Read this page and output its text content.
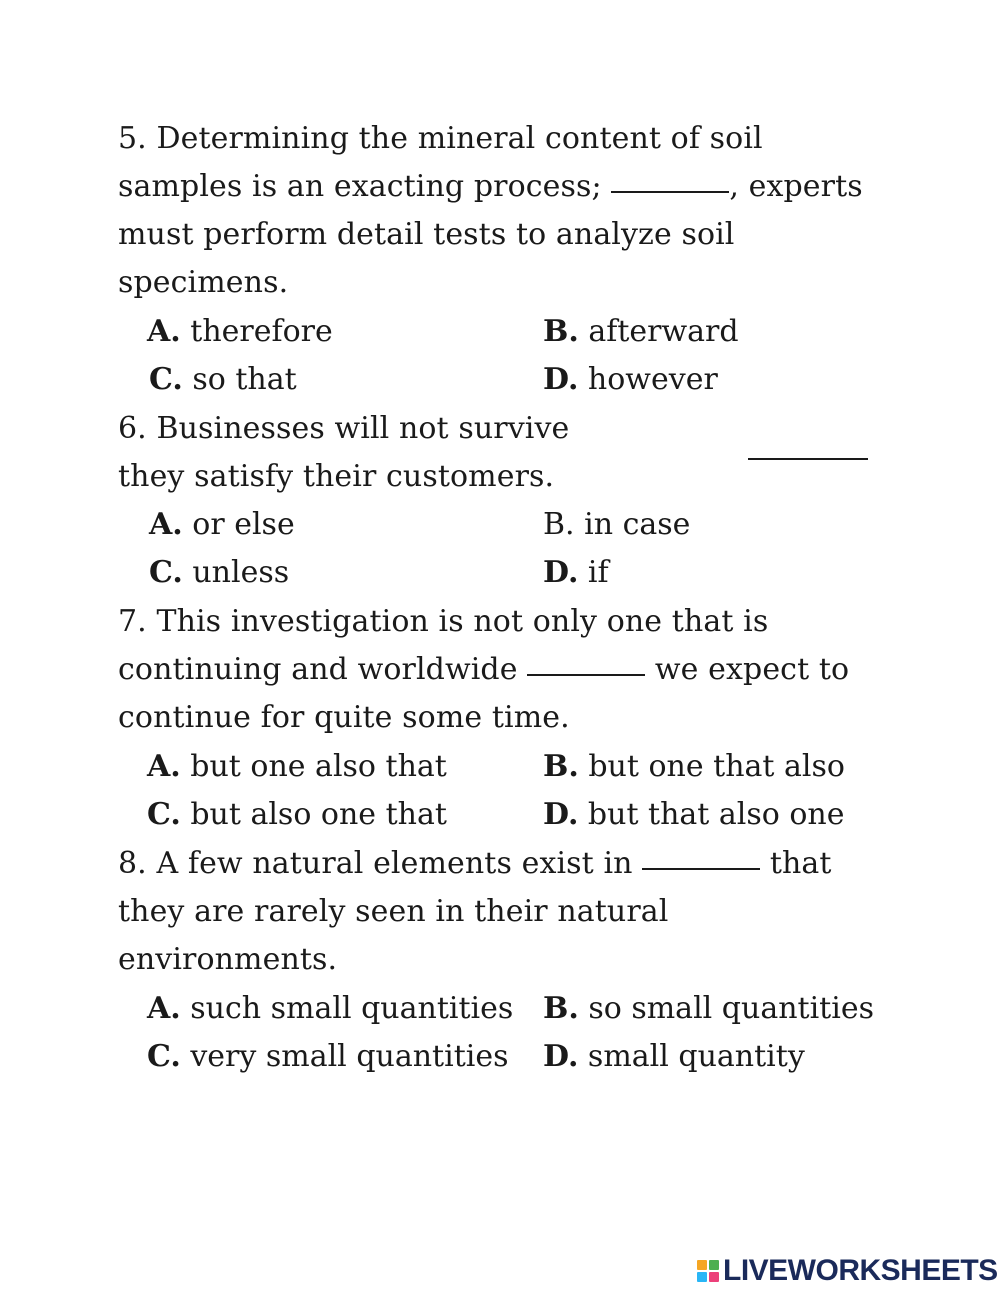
5. Determining the mineral content of soil
samples is an exacting process;	, experts
must perform detail tests to analyze soil
specimens.
A. therefore	B. afterward
C. so that	D. however
6. Businesses will not survive
they satisfy their customers.
A. or else	B. in case
C. unless	D. if
7. This investigation is not only one that is
continuing and worldwide	we expect to
continue for quite some time.
A. but one also that	B. but one that also
C. but also one that	D. but that also one
8. A few natural elements exist in	that
they are rarely seen in their natural
environments.
A. such small quantities B. so small quantities
C. very small quantities D. small quantity
LIVEWORKSHEETS
